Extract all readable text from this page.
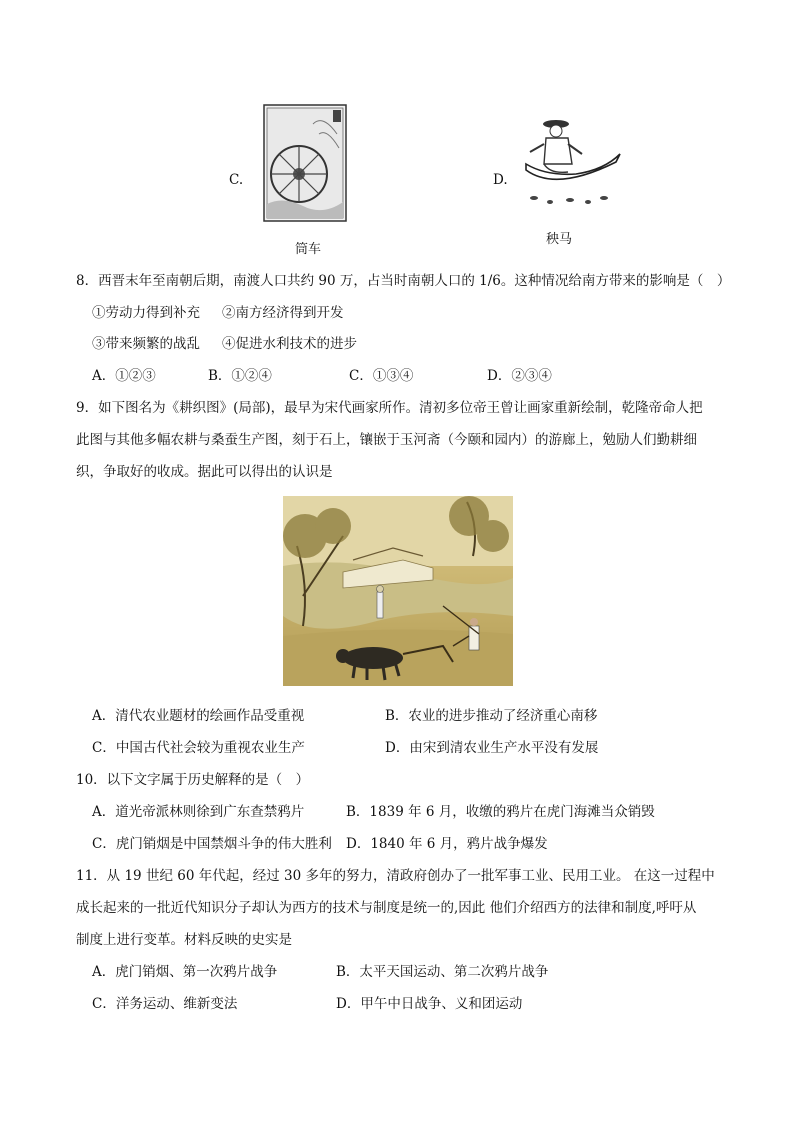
C.
筒车
D.
秧马
8．西晋末年至南朝后期，南渡人口共约 90 万，占当时南朝人口的 1/6。这种情况给南方带来的影响是（　）
①劳动力得到补充 ②南方经济得到开发
③带来频繁的战乱 ④促进水利技术的进步
A．①②③	B．①②④	C．①③④	D．②③④
9．如下图名为《耕织图》(局部)，最早为宋代画家所作。清初多位帝王曾让画家重新绘制，乾隆帝命人把
此图与其他多幅农耕与桑蚕生产图，刻于石上，镶嵌于玉河斋（今颐和园内）的游廊上，勉励人们勤耕细
织，争取好的收成。据此可以得出的认识是
A．清代农业题材的绘画作品受重视	B．农业的进步推动了经济重心南移
C．中国古代社会较为重视农业生产	D．由宋到清农业生产水平没有发展
10．以下文字属于历史解释的是（　）
A．道光帝派林则徐到广东查禁鸦片	B．1839 年 6 月，收缴的鸦片在虎门海滩当众销毁
C．虎门销烟是中国禁烟斗争的伟大胜利 D．1840 年 6 月，鸦片战争爆发
11．从 19 世纪 60 年代起，经过 30 多年的努力，清政府创办了一批军事工业、民用工业。 在这一过程中
成长起来的一批近代知识分子却认为西方的技术与制度是统一的,因此 他们介绍西方的法律和制度,呼吁从
制度上进行变革。材料反映的史实是
A．虎门销烟、第一次鸦片战争	B．太平天国运动、第二次鸦片战争
C．洋务运动、维新变法	D．甲午中日战争、义和团运动
